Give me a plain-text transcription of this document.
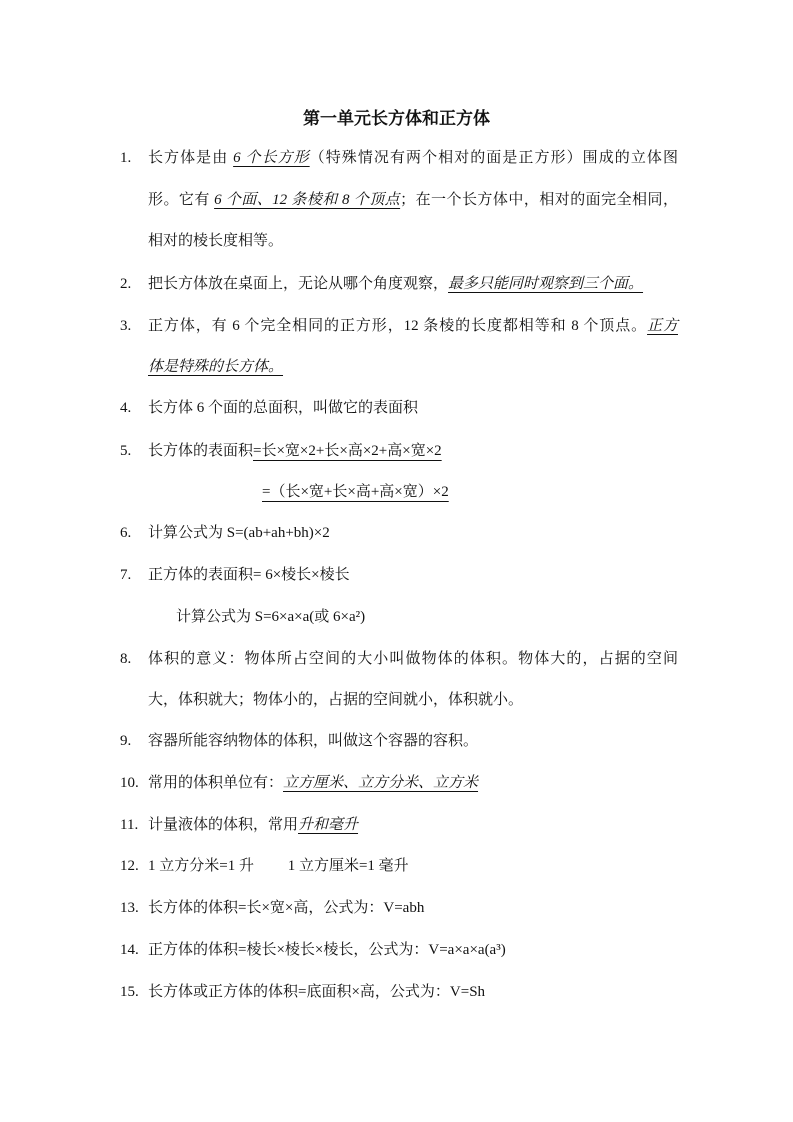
第一单元长方体和正方体
1. 长方体是由 6 个长方形（特殊情况有两个相对的面是正方形）围成的立体图
形。它有 6 个面、12 条棱和 8 个顶点；在一个长方体中，相对的面完全相同，
相对的棱长度相等。
2. 把长方体放在桌面上，无论从哪个角度观察，最多只能同时观察到三个面。
3. 正方体，有 6 个完全相同的正方形，12 条棱的长度都相等和 8 个顶点。正方
体是特殊的长方体。
4. 长方体 6 个面的总面积，叫做它的表面积
5. 长方体的表面积=长×宽×2+长×高×2+高×宽×2
=（长×宽+长×高+高×宽）×2
6. 计算公式为 S=(ab+ah+bh)×2
7. 正方体的表面积= 6×棱长×棱长
计算公式为 S=6×a×a(或 6×a²)
8. 体积的意义：物体所占空间的大小叫做物体的体积。物体大的，占据的空间
大，体积就大；物体小的，占据的空间就小，体积就小。
9. 容器所能容纳物体的体积，叫做这个容器的容积。
10. 常用的体积单位有：立方厘米、立方分米、立方米
11. 计量液体的体积，常用升和毫升
12. 1 立方分米=1 升　　 1 立方厘米=1 毫升
13. 长方体的体积=长×宽×高，公式为：V=abh
14. 正方体的体积=棱长×棱长×棱长，公式为：V=a×a×a(a³)
15. 长方体或正方体的体积=底面积×高，公式为：V=Sh
